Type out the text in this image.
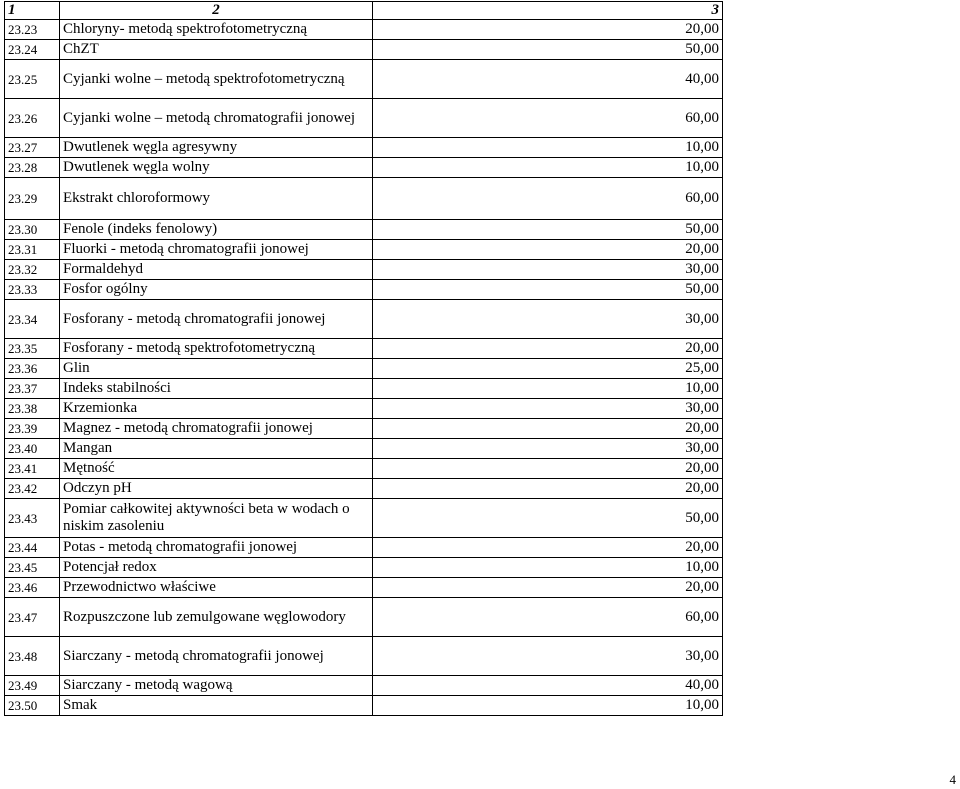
1	2	3	

23.23	Chloryny- metodą spektrofotometryczną	20,00	
23.24	ChZT	50,00	
23.25	Cyjanki wolne – metodą spektrofotometryczną	40,00	
23.26	Cyjanki wolne – metodą chromatografii jonowej	60,00	
23.27	Dwutlenek węgla agresywny	10,00	
23.28	Dwutlenek węgla wolny	10,00	
23.29	Ekstrakt chloroformowy	60,00	
23.30	Fenole (indeks fenolowy)	50,00	
23.31	Fluorki - metodą chromatografii jonowej	20,00	
23.32	Formaldehyd	30,00	
23.33	Fosfor ogólny	50,00	
23.34	Fosforany - metodą chromatografii jonowej	30,00	
23.35	Fosforany - metodą spektrofotometryczną	20,00	
23.36	Glin	25,00	
23.37	Indeks stabilności	10,00	
23.38	Krzemionka	30,00	
23.39	Magnez - metodą chromatografii jonowej	20,00	
23.40	Mangan	30,00	
23.41	Mętność	20,00	
23.42	Odczyn pH	20,00	
23.43	Pomiar całkowitej aktywności beta w wodach o niskim zasoleniu	50,00	
23.44	Potas - metodą chromatografii jonowej	20,00	
23.45	Potencjał redox	10,00	
23.46	Przewodnictwo właściwe	20,00	
23.47	Rozpuszczone lub zemulgowane węglowodory	60,00	
23.48	Siarczany - metodą chromatografii jonowej	30,00	
23.49	Siarczany - metodą wagową	40,00	
23.50	Smak	10,00	
4
